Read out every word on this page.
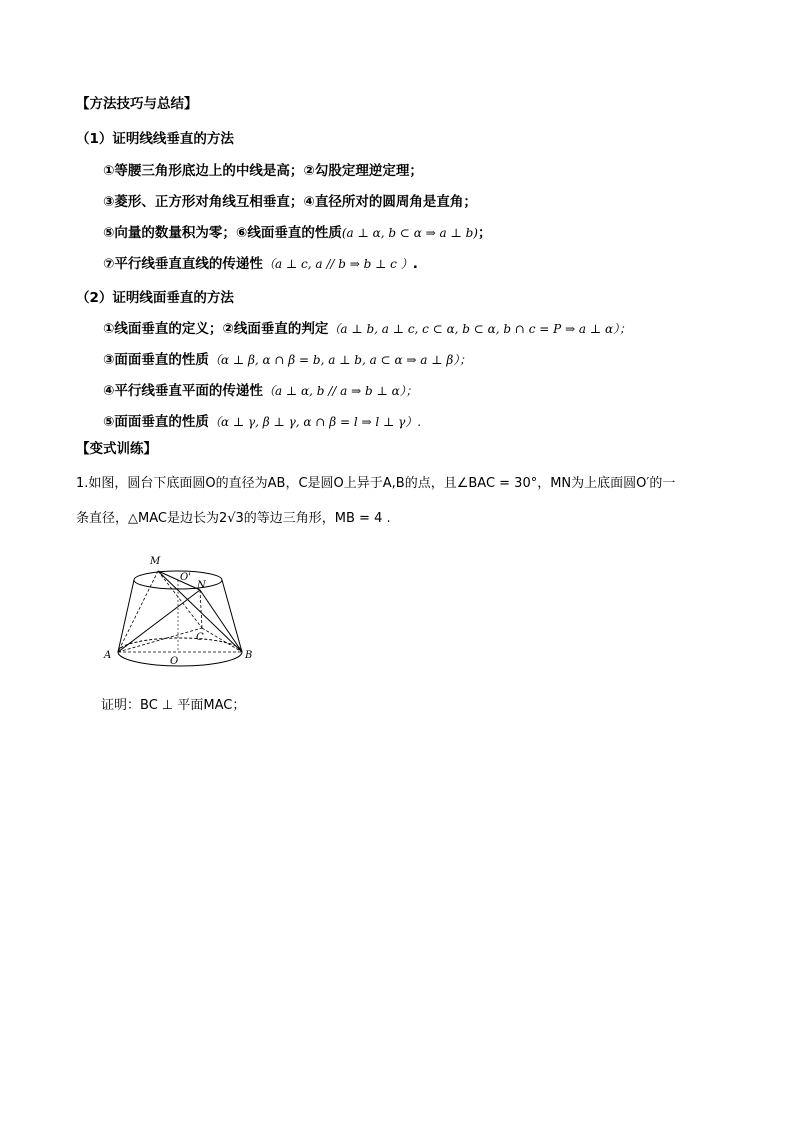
【方法技巧与总结】
（1）证明线线垂直的方法
①等腰三角形底边上的中线是高；②勾股定理逆定理；
③菱形、正方形对角线互相垂直；④直径所对的圆周角是直角；
⑤向量的数量积为零；⑥线面垂直的性质(a ⊥ α, b ⊂ α ⇒ a ⊥ b)；
⑦平行线垂直直线的传递性（a ⊥ c, a // b ⇒ b ⊥ c ）.
（2）证明线面垂直的方法
①线面垂直的定义；②线面垂直的判定（a ⊥ b, a ⊥ c, c ⊂ α, b ⊂ α, b ∩ c = P ⇒ a ⊥ α）；
③面面垂直的性质（α ⊥ β, α ∩ β = b, a ⊥ b, a ⊂ α ⇒ a ⊥ β）；
④平行线垂直平面的传递性（a ⊥ α, b // a ⇒ b ⊥ α）；
⑤面面垂直的性质（α ⊥ γ, β ⊥ γ, α ∩ β = l ⇒ l ⊥ γ）.
【变式训练】
1.如图，圆台下底面圆O的直径为AB，C是圆O上异于A,B的点，且∠BAC = 30°，MN为上底面圆O′的一
条直径，△MAC是边长为2√3的等边三角形，MB = 4 .
M
O'
N
C
A
O
B
证明：BC ⊥ 平面MAC；
